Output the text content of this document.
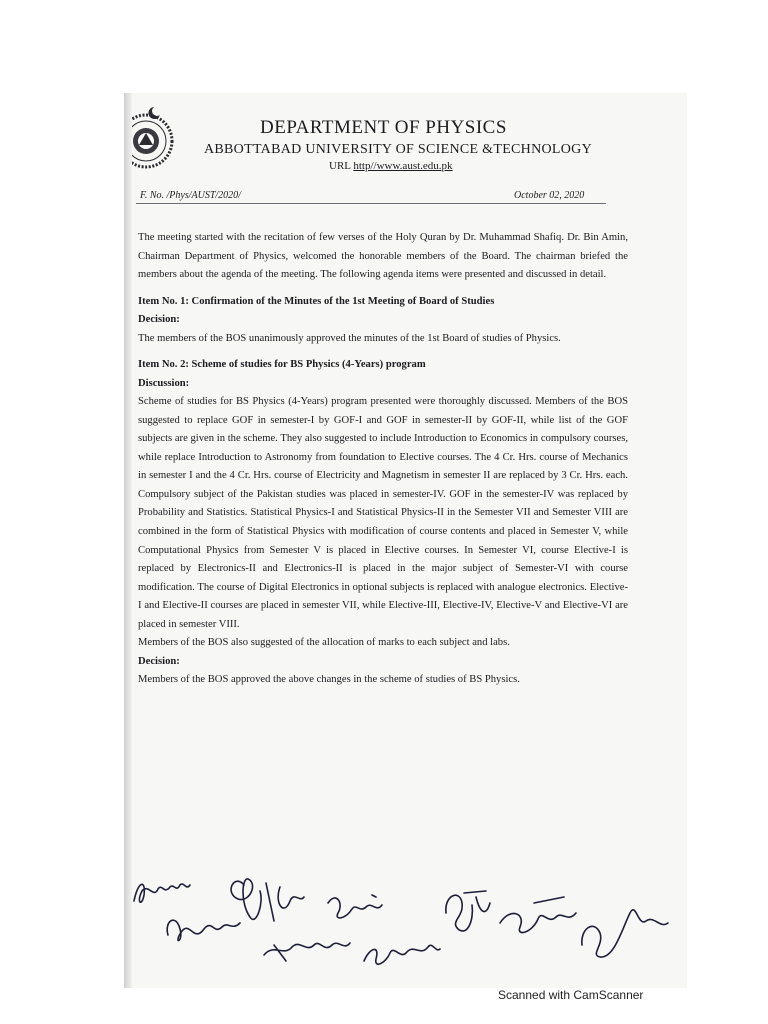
DEPARTMENT OF PHYSICS
ABBOTTABAD UNIVERSITY OF SCIENCE &TECHNOLOGY
URL http//www.aust.edu.pk
F. No. /Phys/AUST/2020/	October 02, 2020

The meeting started with the recitation of few verses of the Holy Quran by Dr. Muhammad Shafiq. Dr. Bin Amin, Chairman Department of Physics, welcomed the honorable members of the Board. The chairman briefed the members about the agenda of the meeting. The following agenda items were presented and discussed in detail.

Item No. 1: Confirmation of the Minutes of the 1st Meeting of Board of Studies

Decision:

The members of the BOS unanimously approved the minutes of the 1st Board of studies of Physics.

Item No. 2: Scheme of studies for BS Physics (4-Years) program

Discussion:

Scheme of studies for BS Physics (4-Years) program presented were thoroughly discussed. Members of the BOS suggested to replace GOF in semester-I by GOF-I and GOF in semester-II by GOF-II, while list of the GOF subjects are given in the scheme. They also suggested to include Introduction to Economics in compulsory courses, while replace Introduction to Astronomy from foundation to Elective courses. The 4 Cr. Hrs. course of Mechanics in semester I and the 4 Cr. Hrs. course of Electricity and Magnetism in semester II are replaced by 3 Cr. Hrs. each. Compulsory subject of the Pakistan studies was placed in semester-IV. GOF in the semester-IV was replaced by Probability and Statistics. Statistical Physics-I and Statistical Physics-II in the Semester VII and Semester VIII are combined in the form of Statistical Physics with modification of course contents and placed in Semester V, while Computational Physics from Semester V is placed in Elective courses. In Semester VI, course Elective-I is replaced by Electronics-II and Electronics-II is placed in the major subject of Semester-VI with course modification. The course of Digital Electronics in optional subjects is replaced with analogue electronics. Elective-I and Elective-II courses are placed in semester VII, while Elective-III, Elective-IV, Elective-V and Elective-VI are placed in semester VIII.

Members of the BOS also suggested of the allocation of marks to each subject and labs.

Decision:

Members of the BOS approved the above changes in the scheme of studies of BS Physics.

Scanned with CamScanner
